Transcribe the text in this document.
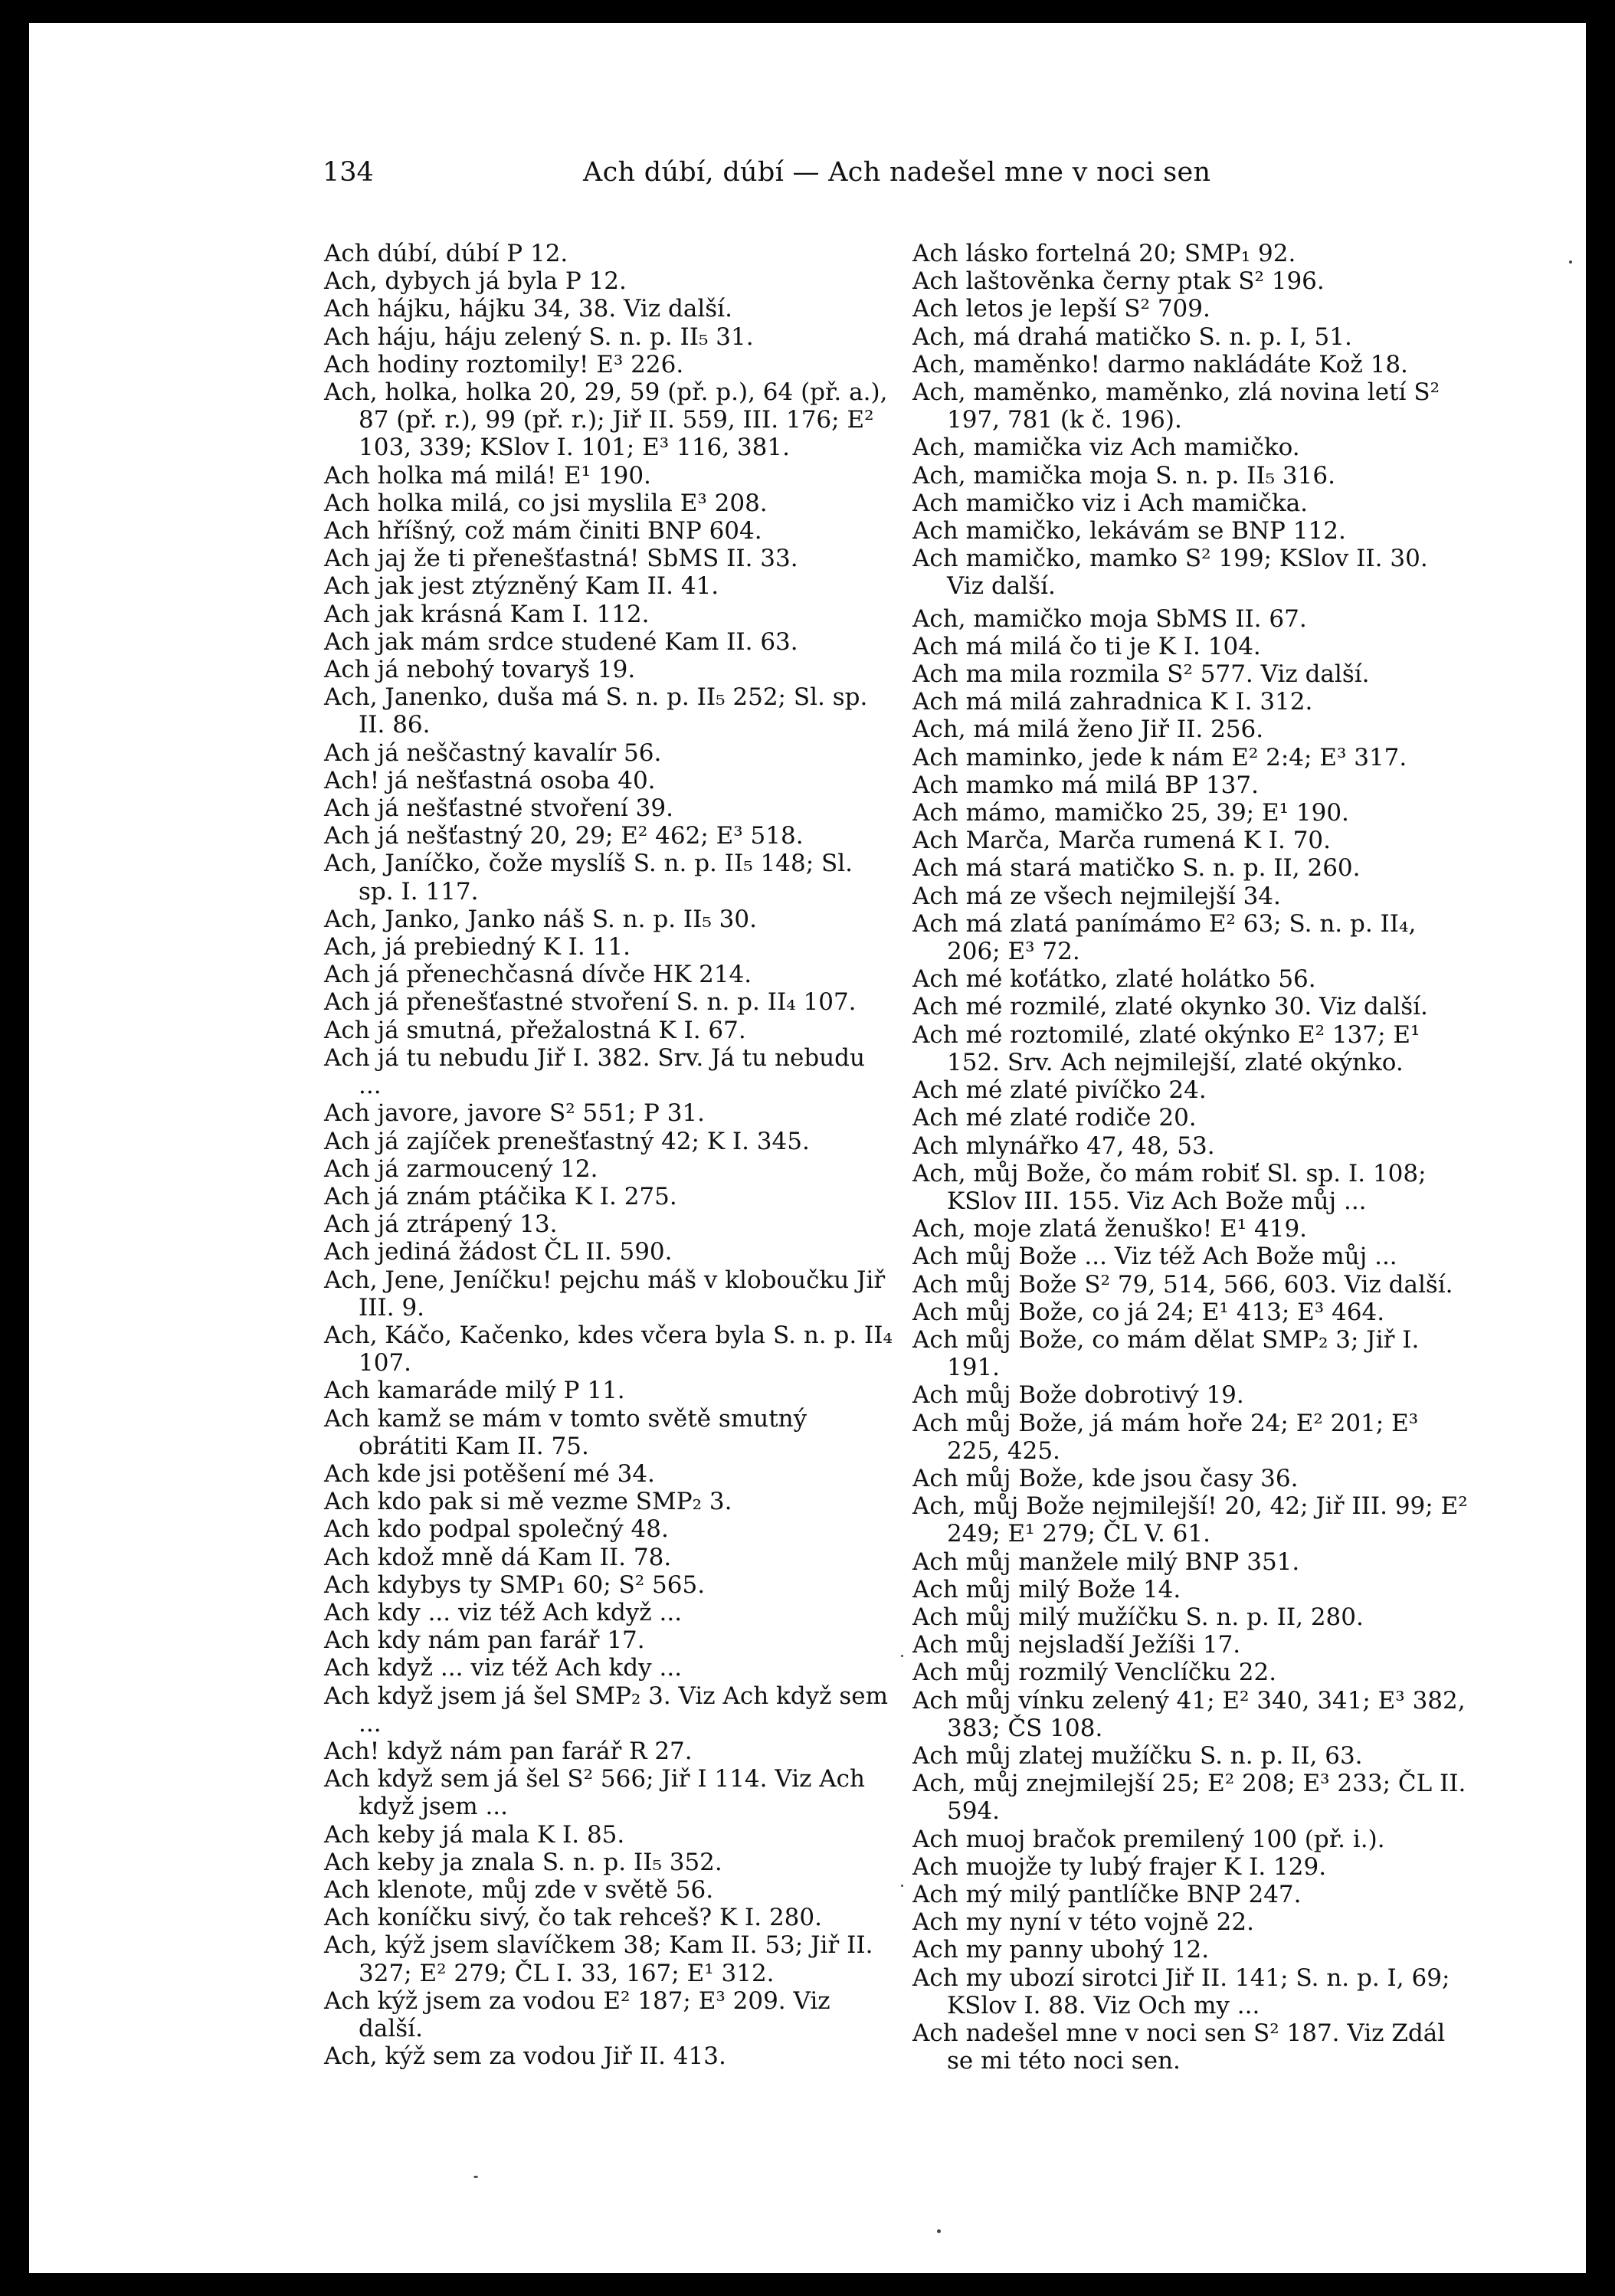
134	Ach dúbí, dúbí — Ach nadešel mne v noci sen
Ach dúbí, dúbí P 12.
Ach, dybych já byla P 12.
Ach hájku, hájku 34, 38. Viz další.
Ach háju, háju zelený S. n. p. II₅ 31.
Ach hodiny roztomily! E³ 226.
Ach, holka, holka 20, 29, 59 (př. p.), 64 (př. a.), 87 (př. r.), 99 (př. r.); Jiř II. 559, III. 176; E² 103, 339; KSlov I. 101; E³ 116, 381.
Ach holka má milá! E¹ 190.
Ach holka milá, co jsi myslila E³ 208.
Ach hříšný, což mám činiti BNP 604.
Ach jaj že ti přenešťastná! SbMS II. 33.
Ach jak jest ztýzněný Kam II. 41.
Ach jak krásná Kam I. 112.
Ach jak mám srdce studené Kam II. 63.
Ach já nebohý tovaryš 19.
Ach, Janenko, duša má S. n. p. II₅ 252; Sl. sp. II. 86.
Ach já neščastný kavalír 56.
Ach! já nešťastná osoba 40.
Ach já nešťastné stvoření 39.
Ach já nešťastný 20, 29; E² 462; E³ 518.
Ach, Janíčko, čože myslíš S. n. p. II₅ 148; Sl. sp. I. 117.
Ach, Janko, Janko náš S. n. p. II₅ 30.
Ach, já prebiedný K I. 11.
Ach já přenechčasná dívče HK 214.
Ach já přenešťastné stvoření S. n. p. II₄ 107.
Ach já smutná, přežalostná K I. 67.
Ach já tu nebudu Jiř I. 382. Srv. Já tu nebudu ...
Ach javore, javore S² 551; P 31.
Ach já zajíček prenešťastný 42; K I. 345.
Ach já zarmoucený 12.
Ach já znám ptáčika K I. 275.
Ach já ztrápený 13.
Ach jediná žádost ČL II. 590.
Ach, Jene, Jeníčku! pejchu máš v kloboučku Jiř III. 9.
Ach, Káčo, Kačenko, kdes včera byla S. n. p. II₄ 107.
Ach kamaráde milý P 11.
Ach kamž se mám v tomto světě smutný obrátiti Kam II. 75.
Ach kde jsi potěšení mé 34.
Ach kdo pak si mě vezme SMP₂ 3.
Ach kdo podpal společný 48.
Ach kdož mně dá Kam II. 78.
Ach kdybys ty SMP₁ 60; S² 565.
Ach kdy ... viz též Ach když ...
Ach kdy nám pan farář 17.
Ach když ... viz též Ach kdy ...
Ach když jsem já šel SMP₂ 3. Viz Ach když sem ...
Ach! když nám pan farář R 27.
Ach když sem já šel S² 566; Jiř I 114. Viz Ach když jsem ...
Ach keby já mala K I. 85.
Ach keby ja znala S. n. p. II₅ 352.
Ach klenote, můj zde v světě 56.
Ach koníčku sivý, čo tak rehceš? K I. 280.
Ach, kýž jsem slavíčkem 38; Kam II. 53; Jiř II. 327; E² 279; ČL I. 33, 167; E¹ 312.
Ach kýž jsem za vodou E² 187; E³ 209. Viz další.
Ach, kýž sem za vodou Jiř II. 413.
Ach lásko fortelná 20; SMP₁ 92.
Ach laštověnka černy ptak S² 196.
Ach letos je lepší S² 709.
Ach, má drahá matičko S. n. p. I, 51.
Ach, maměnko! darmo nakládáte Kož 18.
Ach, maměnko, maměnko, zlá novina letí S² 197, 781 (k č. 196).
Ach, mamička viz Ach mamičko.
Ach, mamička moja S. n. p. II₅ 316.
Ach mamičko viz i Ach mamička.
Ach mamičko, lekávám se BNP 112.
Ach mamičko, mamko S² 199; KSlov II. 30. Viz další.
Ach, mamičko moja SbMS II. 67.
Ach má milá čo ti je K I. 104.
Ach ma mila rozmila S² 577. Viz další.
Ach má milá zahradnica K I. 312.
Ach, má milá ženo Jiř II. 256.
Ach maminko, jede k nám E² 2:4; E³ 317.
Ach mamko má milá BP 137.
Ach mámo, mamičko 25, 39; E¹ 190.
Ach Marča, Marča rumená K I. 70.
Ach má stará matičko S. n. p. II, 260.
Ach má ze všech nejmilejší 34.
Ach má zlatá panímámo E² 63; S. n. p. II₄, 206; E³ 72.
Ach mé koťátko, zlaté holátko 56.
Ach mé rozmilé, zlaté okynko 30. Viz další.
Ach mé roztomilé, zlaté okýnko E² 137; E¹ 152. Srv. Ach nejmilejší, zlaté okýnko.
Ach mé zlaté pivíčko 24.
Ach mé zlaté rodiče 20.
Ach mlynářko 47, 48, 53.
Ach, můj Bože, čo mám robiť Sl. sp. I. 108; KSlov III. 155. Viz Ach Bože můj ...
Ach, moje zlatá ženuško! E¹ 419.
Ach můj Bože ... Viz též Ach Bože můj ...
Ach můj Bože S² 79, 514, 566, 603. Viz další.
Ach můj Bože, co já 24; E¹ 413; E³ 464.
Ach můj Bože, co mám dělat SMP₂ 3; Jiř I. 191.
Ach můj Bože dobrotivý 19.
Ach můj Bože, já mám hoře 24; E² 201; E³ 225, 425.
Ach můj Bože, kde jsou časy 36.
Ach, můj Bože nejmilejší! 20, 42; Jiř III. 99; E² 249; E¹ 279; ČL V. 61.
Ach můj manžele milý BNP 351.
Ach můj milý Bože 14.
Ach můj milý mužíčku S. n. p. II, 280.
Ach můj nejsladší Ježíši 17.
Ach můj rozmilý Venclíčku 22.
Ach můj vínku zelený 41; E² 340, 341; E³ 382, 383; ČS 108.
Ach můj zlatej mužíčku S. n. p. II, 63.
Ach, můj znejmilejší 25; E² 208; E³ 233; ČL II. 594.
Ach muoj bračok premilený 100 (př. i.).
Ach muojže ty lubý frajer K I. 129.
Ach mý milý pantlíčke BNP 247.
Ach my nyní v této vojně 22.
Ach my panny ubohý 12.
Ach my ubozí sirotci Jiř II. 141; S. n. p. I, 69; KSlov I. 88. Viz Och my ...
Ach nadešel mne v noci sen S² 187. Viz Zdál se mi této noci sen.
